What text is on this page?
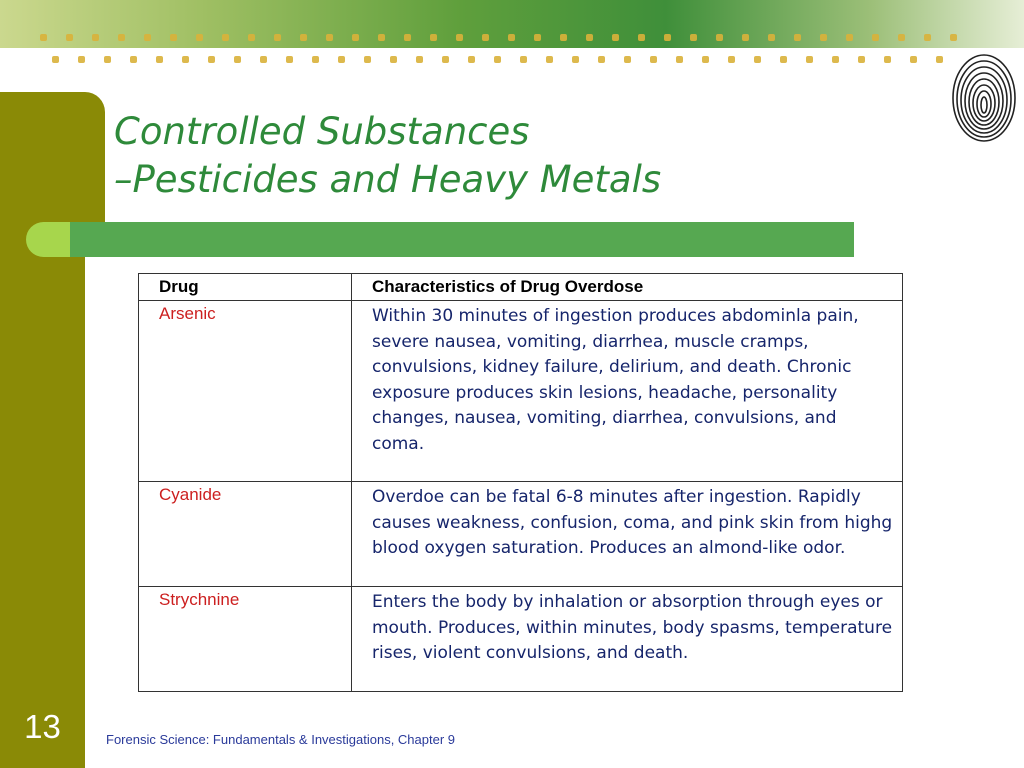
Controlled Substances
–Pesticides and Heavy Metals
Drug	Characteristics of Drug Overdose
Arsenic	Within 30 minutes of ingestion produces abdominla pain, severe nausea, vomiting, diarrhea, muscle cramps, convulsions, kidney failure, delirium, and death. Chronic exposure produces skin lesions, headache, personality changes, nausea, vomiting, diarrhea, convulsions, and coma.
Cyanide	Overdoe can be fatal 6-8 minutes after ingestion. Rapidly causes weakness, confusion, coma, and pink skin from highg blood oxygen saturation. Produces an almond-like odor.
Strychnine	Enters the body by inhalation or absorption through eyes or mouth. Produces, within minutes, body spasms, temperature rises, violent convulsions, and death.
13	Forensic Science: Fundamentals & Investigations, Chapter 9
